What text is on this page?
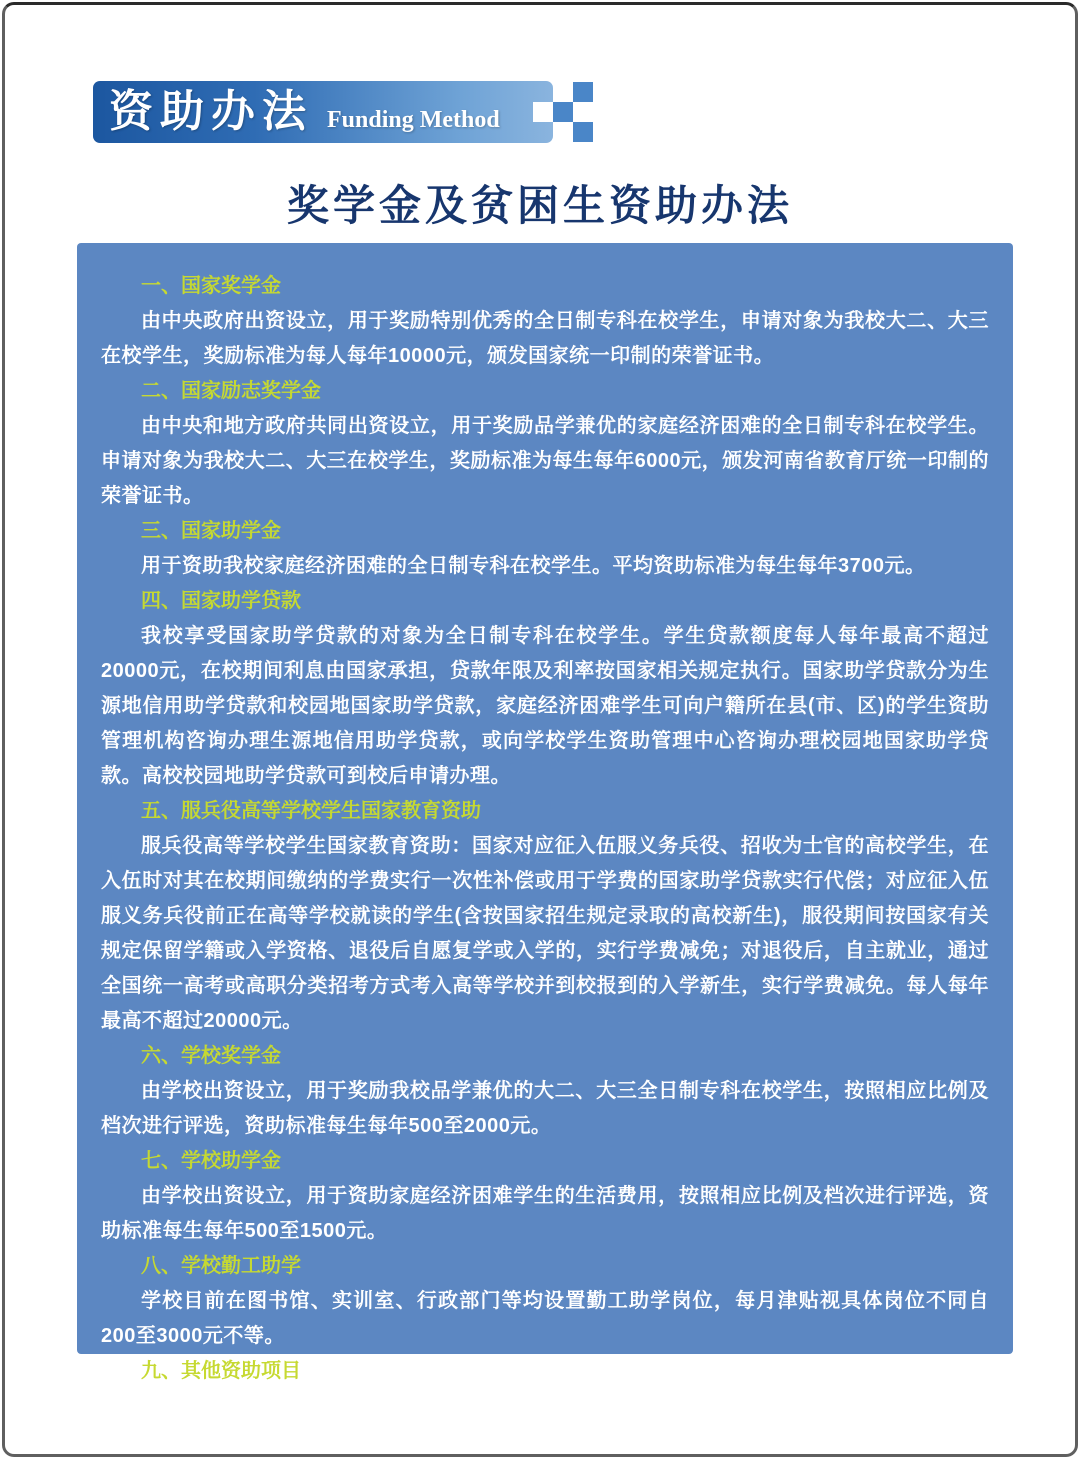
资助办法 Funding Method
奖学金及贫困生资助办法
一、国家奖学金

由中央政府出资设立，用于奖励特别优秀的全日制专科在校学生，申请对象为我校大二、大三在校学生，奖励标准为每人每年10000元，颁发国家统一印制的荣誉证书。

二、国家励志奖学金

由中央和地方政府共同出资设立，用于奖励品学兼优的家庭经济困难的全日制专科在校学生。申请对象为我校大二、大三在校学生，奖励标准为每生每年6000元，颁发河南省教育厅统一印制的荣誉证书。

三、国家助学金

用于资助我校家庭经济困难的全日制专科在校学生。平均资助标准为每生每年3700元。

四、国家助学贷款

我校享受国家助学贷款的对象为全日制专科在校学生。学生贷款额度每人每年最高不超过20000元，在校期间利息由国家承担，贷款年限及利率按国家相关规定执行。国家助学贷款分为生源地信用助学贷款和校园地国家助学贷款，家庭经济困难学生可向户籍所在县(市、区)的学生资助管理机构咨询办理生源地信用助学贷款，或向学校学生资助管理中心咨询办理校园地国家助学贷款。高校校园地助学贷款可到校后申请办理。

五、服兵役高等学校学生国家教育资助

服兵役高等学校学生国家教育资助：国家对应征入伍服义务兵役、招收为士官的高校学生，在入伍时对其在校期间缴纳的学费实行一次性补偿或用于学费的国家助学贷款实行代偿；对应征入伍服义务兵役前正在高等学校就读的学生(含按国家招生规定录取的高校新生)，服役期间按国家有关规定保留学籍或入学资格、退役后自愿复学或入学的，实行学费减免；对退役后，自主就业，通过全国统一高考或高职分类招考方式考入高等学校并到校报到的入学新生，实行学费减免。每人每年最高不超过20000元。

六、学校奖学金

由学校出资设立，用于奖励我校品学兼优的大二、大三全日制专科在校学生，按照相应比例及档次进行评选，资助标准每生每年500至2000元。

七、学校助学金

由学校出资设立，用于资助家庭经济困难学生的生活费用，按照相应比例及档次进行评选，资助标准每生每年500至1500元。

八、学校勤工助学

学校目前在图书馆、实训室、行政部门等均设置勤工助学岗位，每月津贴视具体岗位不同自200至3000元不等。

九、其他资助项目

除上述资助项目外，学校还设立有“绿色通道”、学费减免、临时困难补助等，用以解决学生在校学习期间遇到的突发性、临时性、特殊性的经济困难，帮助学生顺利完成学业。
